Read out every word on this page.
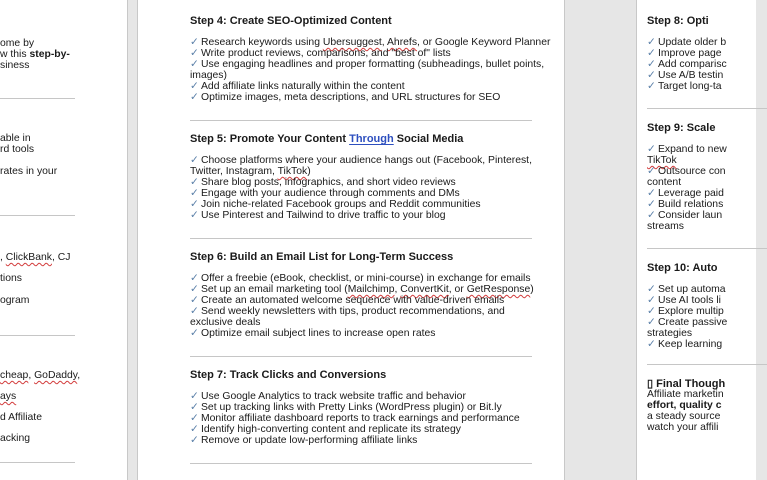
ome by
w this step-by-
siness
able in
rd tools
rates in your
, ClickBank, CJ
tions
ogram
cheap, GoDaddy,
ays
d Affiliate
acking
Step 4: Create SEO-Optimized Content
✓ Research keywords using Ubersuggest, Ahrefs, or Google Keyword Planner
✓ Write product reviews, comparisons, and "best of" lists
✓ Use engaging headlines and proper formatting (subheadings, bullet points,
images)
✓ Add affiliate links naturally within the content
✓ Optimize images, meta descriptions, and URL structures for SEO
Step 5: Promote Your Content Through Social Media
✓ Choose platforms where your audience hangs out (Facebook, Pinterest,
Twitter, Instagram, TikTok)
✓ Share blog posts, infographics, and short video reviews
✓ Engage with your audience through comments and DMs
✓ Join niche-related Facebook groups and Reddit communities
✓ Use Pinterest and Tailwind to drive traffic to your blog
Step 6: Build an Email List for Long-Term Success
✓ Offer a freebie (eBook, checklist, or mini-course) in exchange for emails
✓ Set up an email marketing tool (Mailchimp, ConvertKit, or GetResponse)
✓ Create an automated welcome sequence with value-driven emails
✓ Send weekly newsletters with tips, product recommendations, and
exclusive deals
✓ Optimize email subject lines to increase open rates
Step 7: Track Clicks and Conversions
✓ Use Google Analytics to track website traffic and behavior
✓ Set up tracking links with Pretty Links (WordPress plugin) or Bit.ly
✓ Monitor affiliate dashboard reports to track earnings and performance
✓ Identify high-converting content and replicate its strategy
✓ Remove or update low-performing affiliate links
Step 8: Opti
✓ Update older b
✓ Improve page
✓ Add comparisc
✓ Use A/B testin
✓ Target long-ta
Step 9: Scale
✓ Expand to new
TikTok
✓ Outsource con
content
✓ Leverage paid
✓ Build relations
✓ Consider laun
streams
Step 10: Auto
✓ Set up automa
✓ Use AI tools li
✓ Explore multip
✓ Create passive
strategies
✓ Keep learning
▯ Final Though
Affiliate marketin
effort, quality c
a steady source
watch your affili
